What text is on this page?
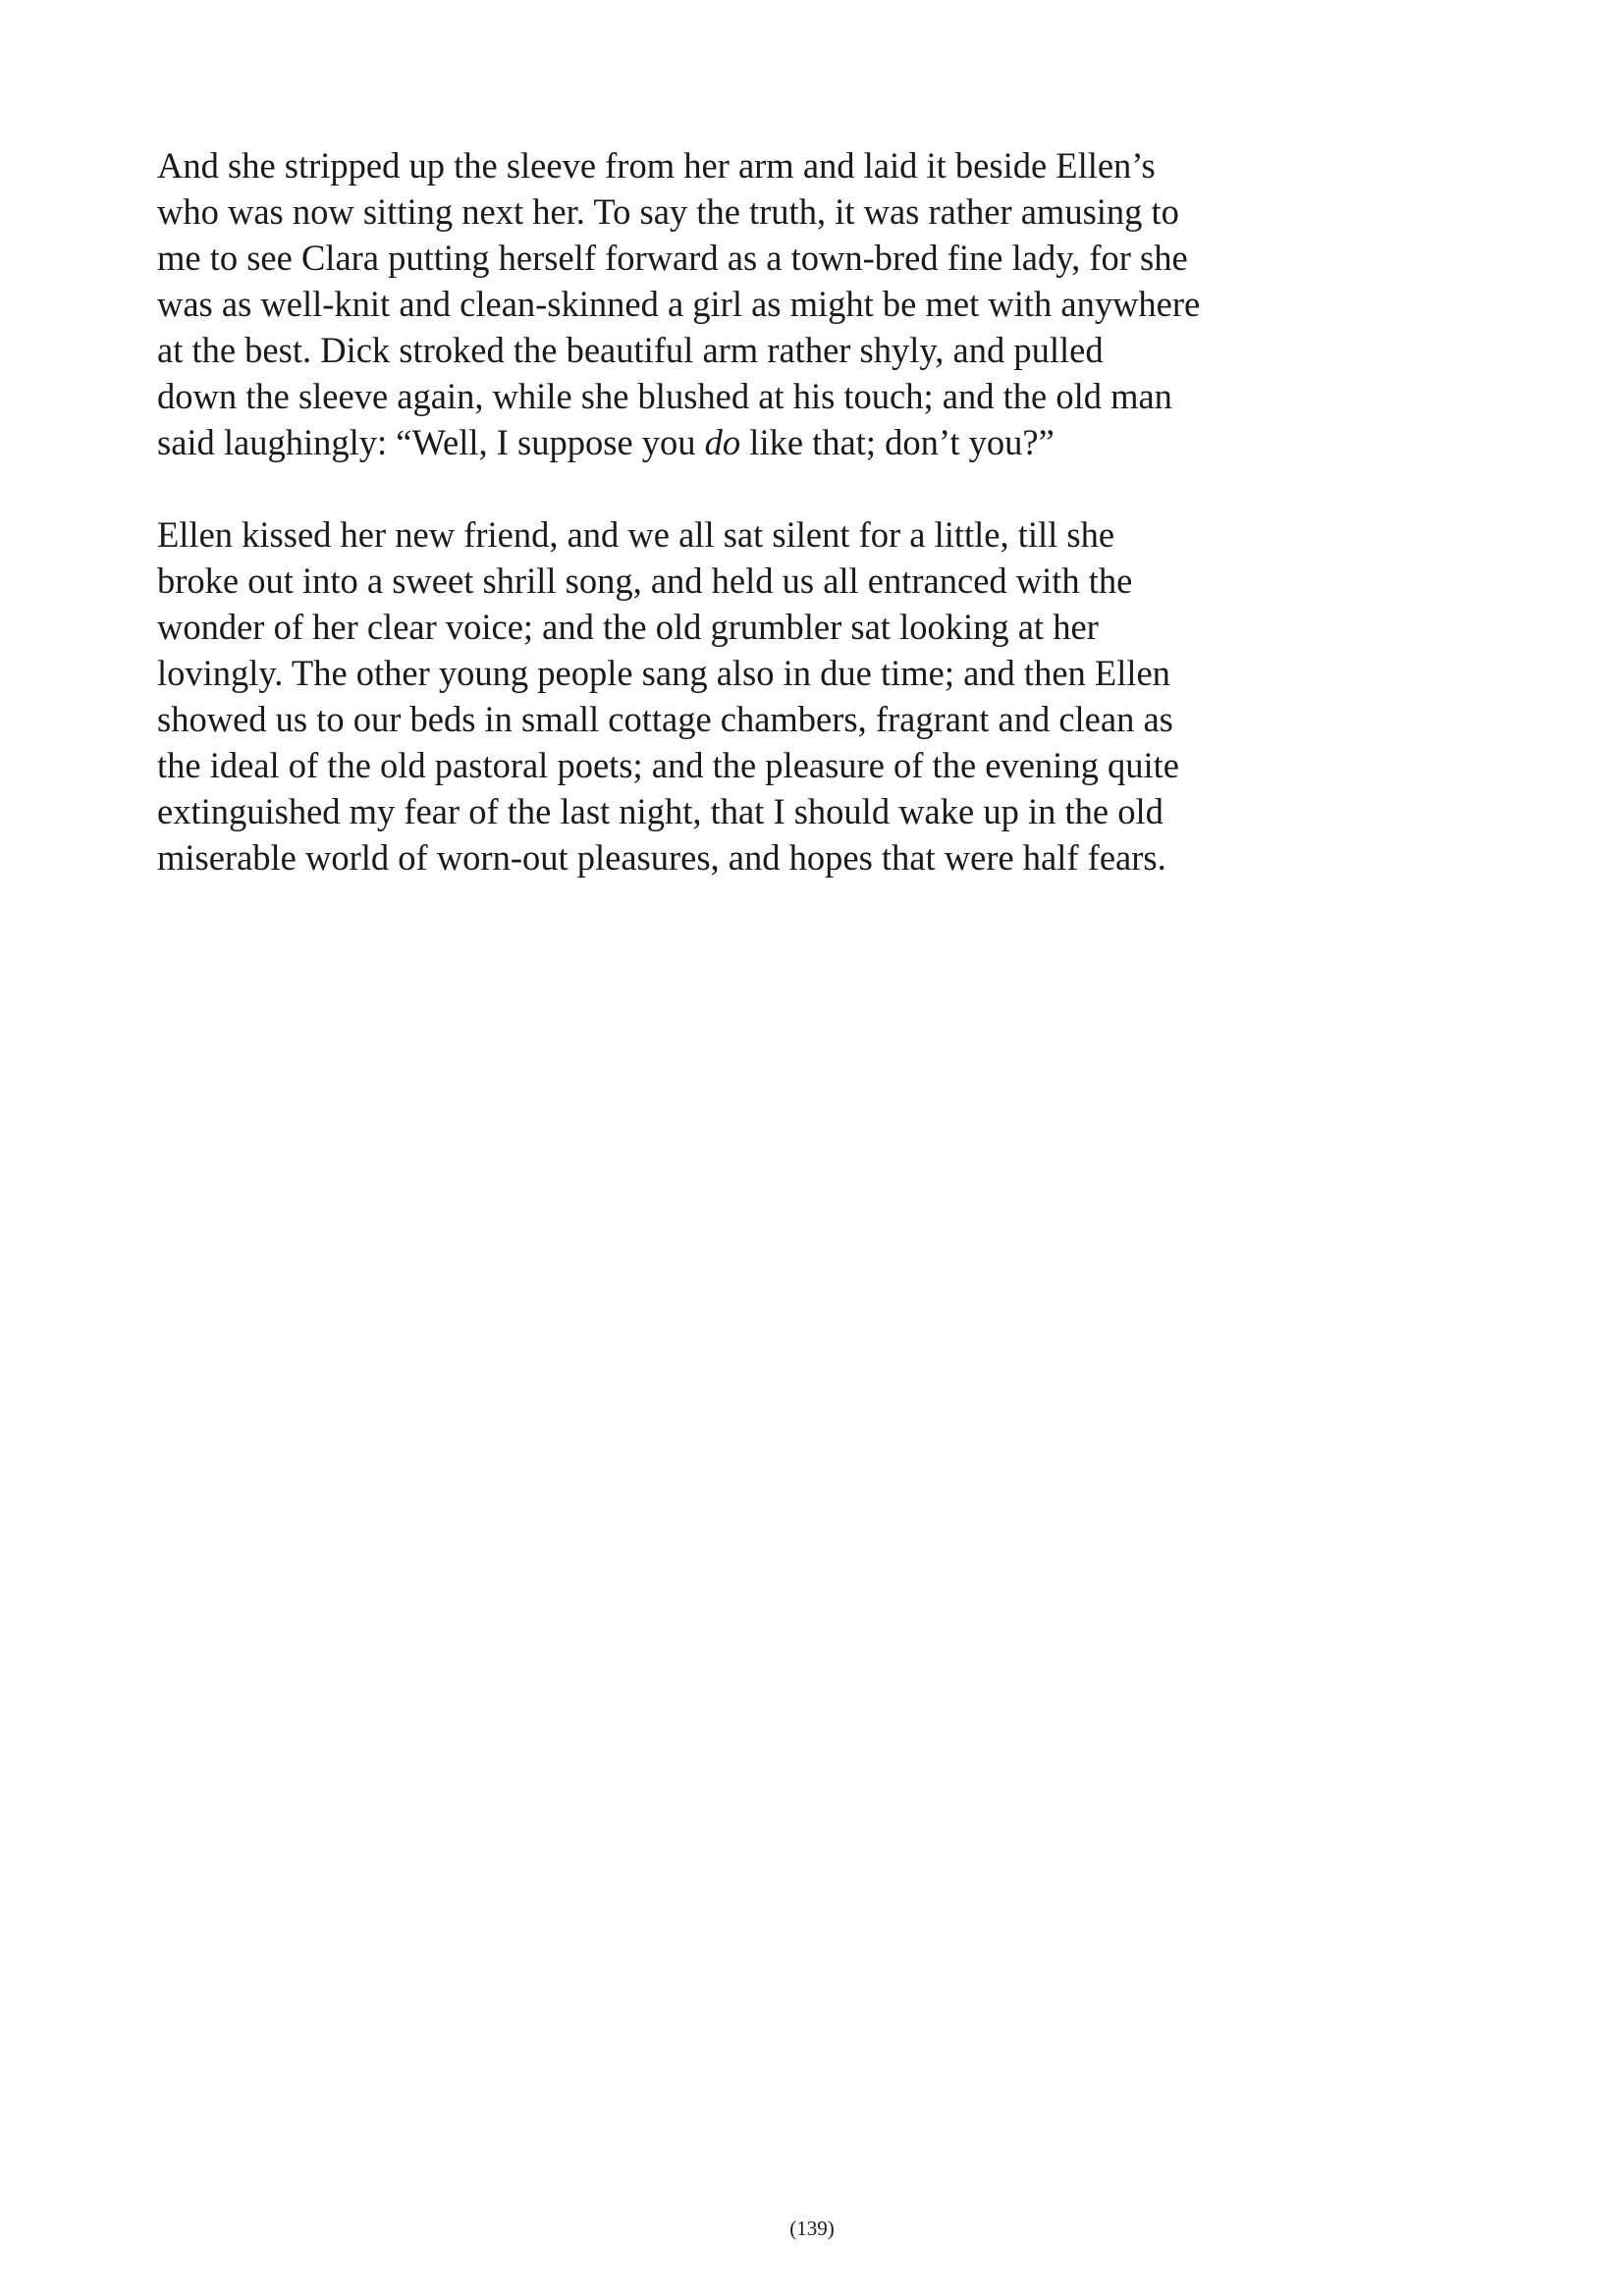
And she stripped up the sleeve from her arm and laid it beside Ellen’s
who was now sitting next her. To say the truth, it was rather amusing to
me to see Clara putting herself forward as a town-bred fine lady, for she
was as well-knit and clean-skinned a girl as might be met with anywhere
at the best. Dick stroked the beautiful arm rather shyly, and pulled
down the sleeve again, while she blushed at his touch; and the old man
said laughingly: “Well, I suppose you do like that; don’t you?”

Ellen kissed her new friend, and we all sat silent for a little, till she
broke out into a sweet shrill song, and held us all entranced with the
wonder of her clear voice; and the old grumbler sat looking at her
lovingly. The other young people sang also in due time; and then Ellen
showed us to our beds in small cottage chambers, fragrant and clean as
the ideal of the old pastoral poets; and the pleasure of the evening quite
extinguished my fear of the last night, that I should wake up in the old
miserable world of worn-out pleasures, and hopes that were half fears.

(139)
